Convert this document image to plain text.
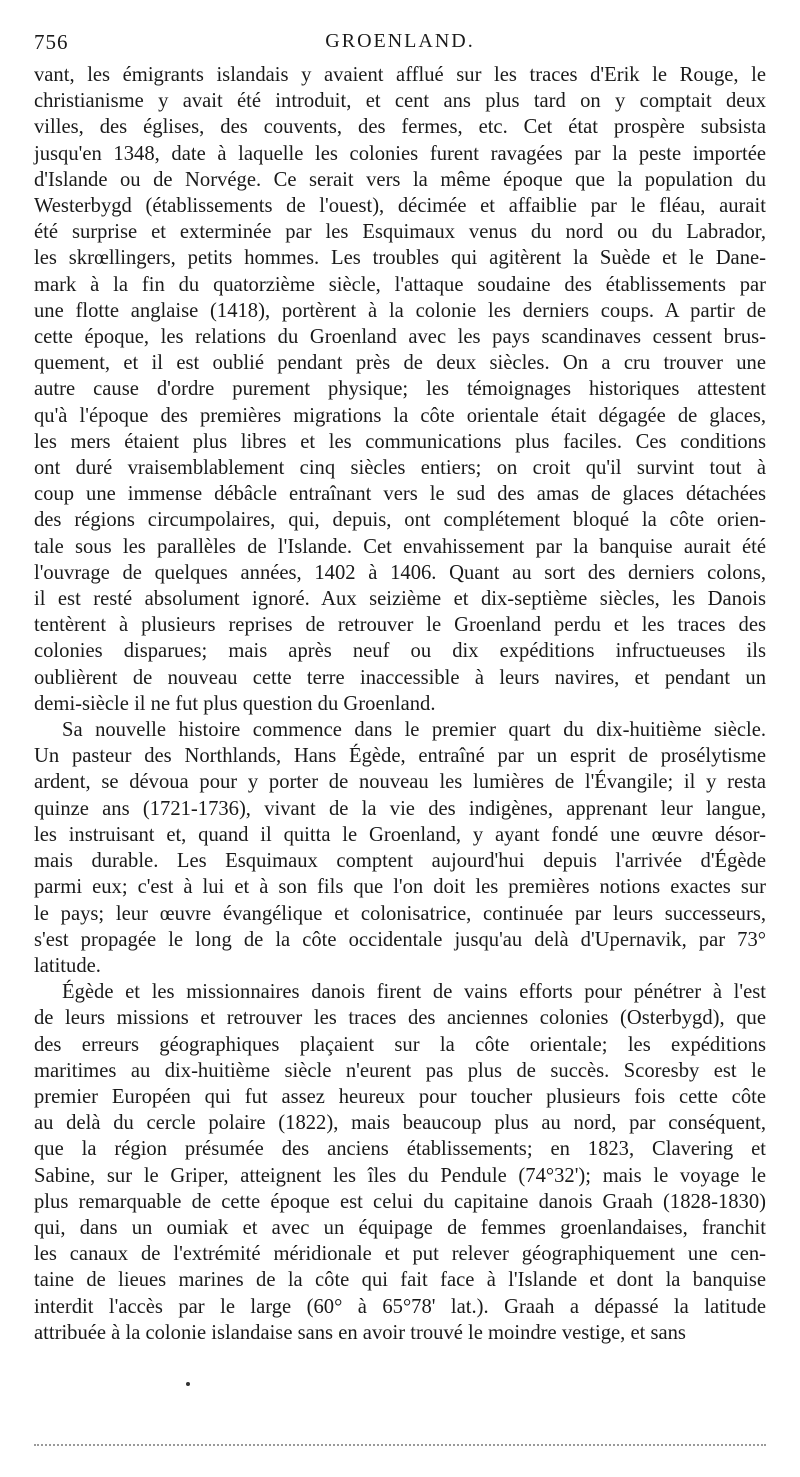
756	GROENLAND.

vant, les émigrants islandais y avaient afflué sur les traces d'Erik le Rouge, le
christianisme y avait été introduit, et cent ans plus tard on y comptait deux
villes, des églises, des couvents, des fermes, etc. Cet état prospère subsista
jusqu'en 1348, date à laquelle les colonies furent ravagées par la peste importée
d'Islande ou de Norvége. Ce serait vers la même époque que la population du
Westerbygd (établissements de l'ouest), décimée et affaiblie par le fléau, aurait
été surprise et exterminée par les Esquimaux venus du nord ou du Labrador,
les skrœllingers, petits hommes. Les troubles qui agitèrent la Suède et le Dane-
mark à la fin du quatorzième siècle, l'attaque soudaine des établissements par
une flotte anglaise (1418), portèrent à la colonie les derniers coups. A partir de
cette époque, les relations du Groenland avec les pays scandinaves cessent brus-
quement, et il est oublié pendant près de deux siècles. On a cru trouver une
autre cause d'ordre purement physique; les témoignages historiques attestent
qu'à l'époque des premières migrations la côte orientale était dégagée de glaces,
les mers étaient plus libres et les communications plus faciles. Ces conditions
ont duré vraisemblablement cinq siècles entiers; on croit qu'il survint tout à
coup une immense débâcle entraînant vers le sud des amas de glaces détachées
des régions circumpolaires, qui, depuis, ont complétement bloqué la côte orien-
tale sous les parallèles de l'Islande. Cet envahissement par la banquise aurait été
l'ouvrage de quelques années, 1402 à 1406. Quant au sort des derniers colons,
il est resté absolument ignoré. Aux seizième et dix-septième siècles, les Danois
tentèrent à plusieurs reprises de retrouver le Groenland perdu et les traces des
colonies disparues; mais après neuf ou dix expéditions infructueuses ils
oublièrent de nouveau cette terre inaccessible à leurs navires, et pendant un
demi-siècle il ne fut plus question du Groenland.

Sa nouvelle histoire commence dans le premier quart du dix-huitième siècle.
Un pasteur des Northlands, Hans Égède, entraîné par un esprit de prosélytisme
ardent, se dévoua pour y porter de nouveau les lumières de l'Évangile; il y resta
quinze ans (1721-1736), vivant de la vie des indigènes, apprenant leur langue,
les instruisant et, quand il quitta le Groenland, y ayant fondé une œuvre désor-
mais durable. Les Esquimaux comptent aujourd'hui depuis l'arrivée d'Égède
parmi eux; c'est à lui et à son fils que l'on doit les premières notions exactes sur
le pays; leur œuvre évangélique et colonisatrice, continuée par leurs successeurs,
s'est propagée le long de la côte occidentale jusqu'au delà d'Upernavik, par 73°
latitude.

Égède et les missionnaires danois firent de vains efforts pour pénétrer à l'est
de leurs missions et retrouver les traces des anciennes colonies (Osterbygd), que
des erreurs géographiques plaçaient sur la côte orientale; les expéditions
maritimes au dix-huitième siècle n'eurent pas plus de succès. Scoresby est le
premier Européen qui fut assez heureux pour toucher plusieurs fois cette côte
au delà du cercle polaire (1822), mais beaucoup plus au nord, par conséquent,
que la région présumée des anciens établissements; en 1823, Clavering et
Sabine, sur le Griper, atteignent les îles du Pendule (74°32'); mais le voyage le
plus remarquable de cette époque est celui du capitaine danois Graah (1828-1830)
qui, dans un oumiak et avec un équipage de femmes groenlandaises, franchit
les canaux de l'extrémité méridionale et put relever géographiquement une cen-
taine de lieues marines de la côte qui fait face à l'Islande et dont la banquise
interdit l'accès par le large (60° à 65°78' lat.). Graah a dépassé la latitude
attribuée à la colonie islandaise sans en avoir trouvé le moindre vestige, et sans
